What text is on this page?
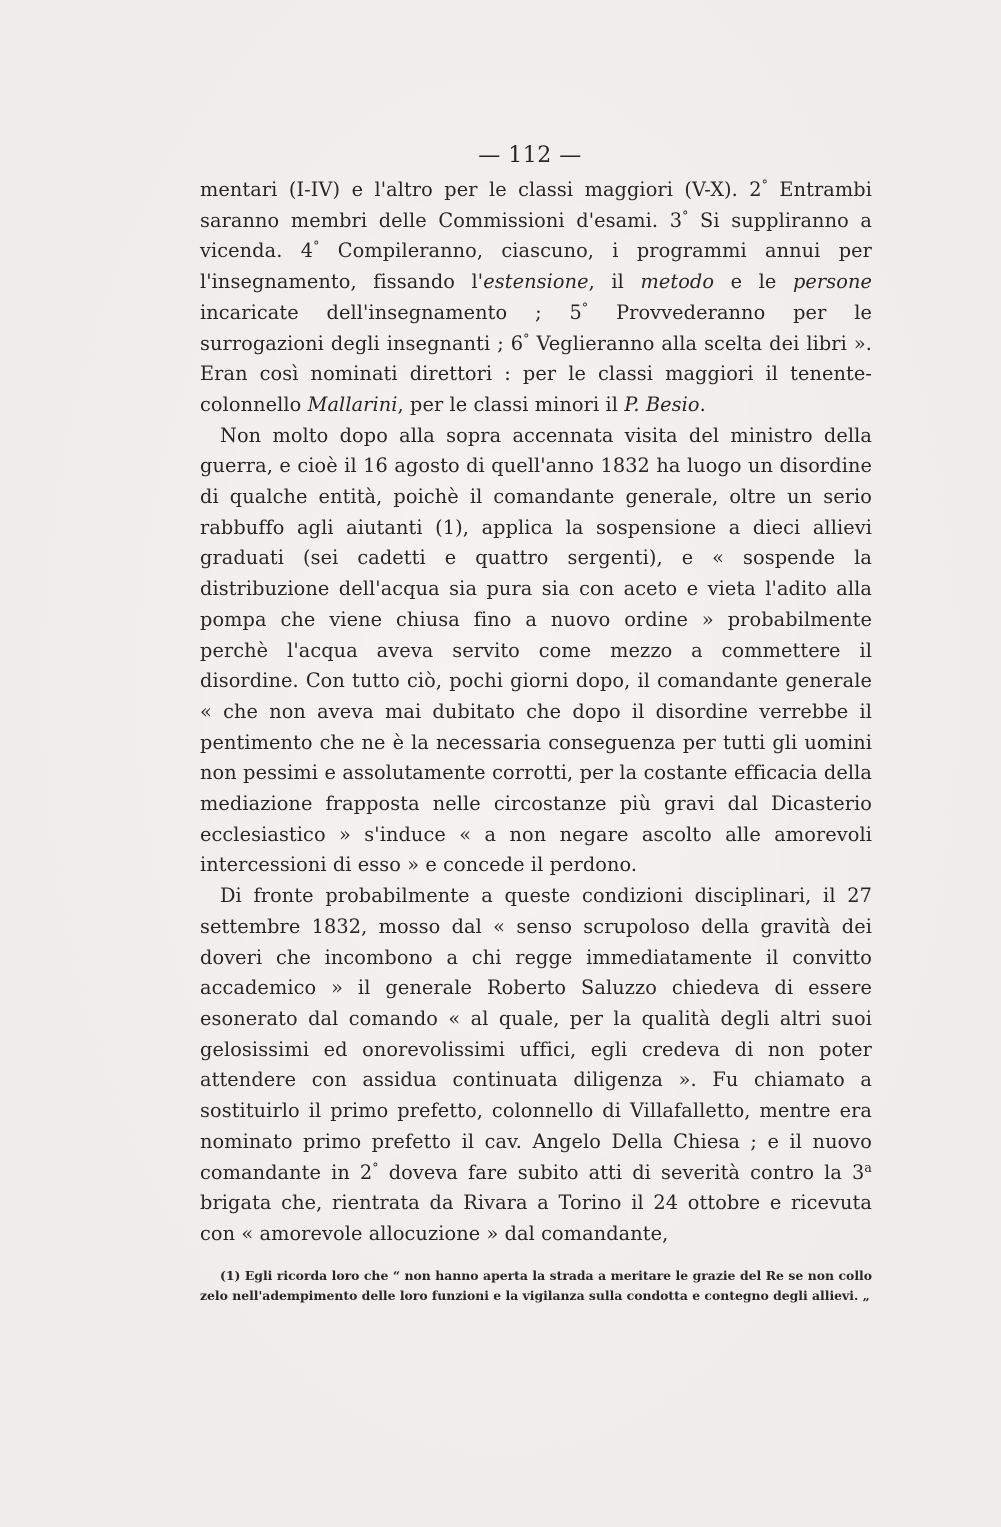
— 112 —

mentari (I-IV) e l'altro per le classi maggiori (V-X). 2° Entrambi saranno membri delle Commissioni d'esami. 3° Si suppliranno a vicenda. 4° Compileranno, ciascuno, i programmi annui per l'insegnamento, fissando l'estensione, il metodo e le persone incaricate dell'insegnamento ; 5° Provvederanno per le surrogazioni degli insegnanti ; 6° Veglieranno alla scelta dei libri ». Eran così nominati direttori : per le classi maggiori il tenente-colonnello Mallarini, per le classi minori il P. Besio.

Non molto dopo alla sopra accennata visita del ministro della guerra, e cioè il 16 agosto di quell'anno 1832 ha luogo un disordine di qualche entità, poichè il comandante generale, oltre un serio rabbuffo agli aiutanti (1), applica la sospensione a dieci allievi graduati (sei cadetti e quattro sergenti), e « sospende la distribuzione dell'acqua sia pura sia con aceto e vieta l'adito alla pompa che viene chiusa fino a nuovo ordine » probabilmente perchè l'acqua aveva servito come mezzo a commettere il disordine. Con tutto ciò, pochi giorni dopo, il comandante generale « che non aveva mai dubitato che dopo il disordine verrebbe il pentimento che ne è la necessaria conseguenza per tutti gli uomini non pessimi e assolutamente corrotti, per la costante efficacia della mediazione frapposta nelle circostanze più gravi dal Dicasterio ecclesiastico » s'induce « a non negare ascolto alle amorevoli intercessioni di esso » e concede il perdono.

Di fronte probabilmente a queste condizioni disciplinari, il 27 settembre 1832, mosso dal « senso scrupoloso della gravità dei doveri che incombono a chi regge immediatamente il convitto accademico » il generale Roberto Saluzzo chiedeva di essere esonerato dal comando « al quale, per la qualità degli altri suoi gelosissimi ed onorevolissimi uffici, egli credeva di non poter attendere con assidua continuata diligenza ». Fu chiamato a sostituirlo il primo prefetto, colonnello di Villafalletto, mentre era nominato primo prefetto il cav. Angelo Della Chiesa ; e il nuovo comandante in 2° doveva fare subito atti di severità contro la 3$^a$ brigata che, rientrata da Rivara a Torino il 24 ottobre e ricevuta con « amorevole allocuzione » dal comandante,

(1) Egli ricorda loro che “ non hanno aperta la strada a meritare le grazie del Re se non collo zelo nell'adempimento delle loro funzioni e la vigilanza sulla condotta e contegno degli allievi. „
